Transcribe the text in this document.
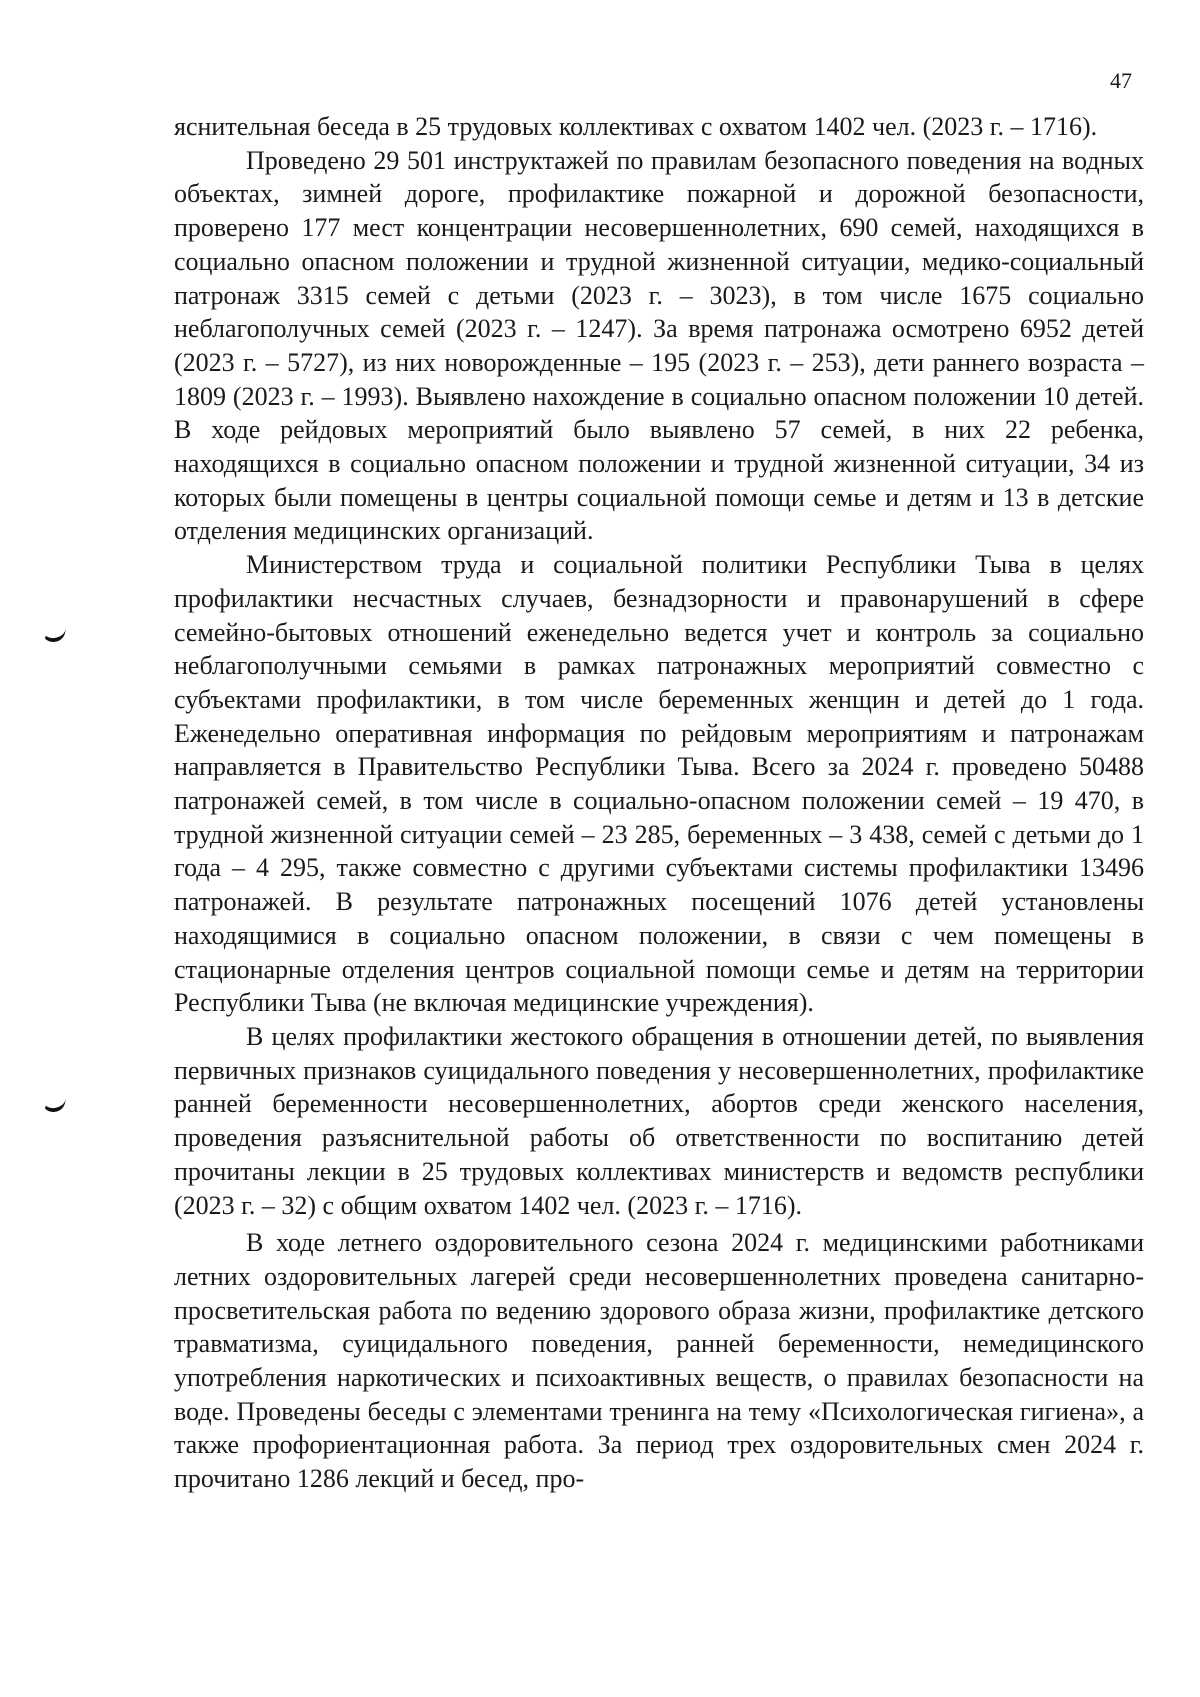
47

яснительная беседа в 25 трудовых коллективах с охватом 1402 чел. (2023 г. – 1716).

Проведено 29 501 инструктажей по правилам безопасного поведения на водных объектах, зимней дороге, профилактике пожарной и дорожной безопасности, проверено 177 мест концентрации несовершеннолетних, 690 семей, находящихся в социально опасном положении и трудной жизненной ситуации, медико-социальный патронаж 3315 семей с детьми (2023 г. – 3023), в том числе 1675 социально неблагополучных семей (2023 г. – 1247). За время патронажа осмотрено 6952 детей (2023 г. – 5727), из них новорожденные – 195 (2023 г. – 253), дети раннего возраста – 1809 (2023 г. – 1993). Выявлено нахождение в социально опасном положении 10 детей. В ходе рейдовых мероприятий было выявлено 57 семей, в них 22 ребенка, находящихся в социально опасном положении и трудной жизненной ситуации, 34 из которых были помещены в центры социальной помощи семье и детям и 13 в детские отделения медицинских организаций.

Министерством труда и социальной политики Республики Тыва в целях профилактики несчастных случаев, безнадзорности и правонарушений в сфере семейно-бытовых отношений еженедельно ведется учет и контроль за социально неблагополучными семьями в рамках патронажных мероприятий совместно с субъектами профилактики, в том числе беременных женщин и детей до 1 года. Еженедельно оперативная информация по рейдовым мероприятиям и патронажам направляется в Правительство Республики Тыва. Всего за 2024 г. проведено 50488 патронажей семей, в том числе в социально-опасном положении семей – 19 470, в трудной жизненной ситуации семей – 23 285, беременных – 3 438, семей с детьми до 1 года – 4 295, также совместно с другими субъектами системы профилактики 13496 патронажей. В результате патронажных посещений 1076 детей установлены находящимися в социально опасном положении, в связи с чем помещены в стационарные отделения центров социальной помощи семье и детям на территории Республики Тыва (не включая медицинские учреждения).

В целях профилактики жестокого обращения в отношении детей, по выявления первичных признаков суицидального поведения у несовершеннолетних, профилактике ранней беременности несовершеннолетних, абортов среди женского населения, проведения разъяснительной работы об ответственности по воспитанию детей прочитаны лекции в 25 трудовых коллективах министерств и ведомств республики (2023 г. – 32) с общим охватом 1402 чел. (2023 г. – 1716).

В ходе летнего оздоровительного сезона 2024 г. медицинскими работниками летних оздоровительных лагерей среди несовершеннолетних проведена санитарно-просветительская работа по ведению здорового образа жизни, профилактике детского травматизма, суицидального поведения, ранней беременности, немедицинского употребления наркотических и психоактивных веществ, о правилах безопасности на воде. Проведены беседы с элементами тренинга на тему «Психологическая гигиена», а также профориентационная работа. За период трех оздоровительных смен 2024 г. прочитано 1286 лекций и бесед, про-
